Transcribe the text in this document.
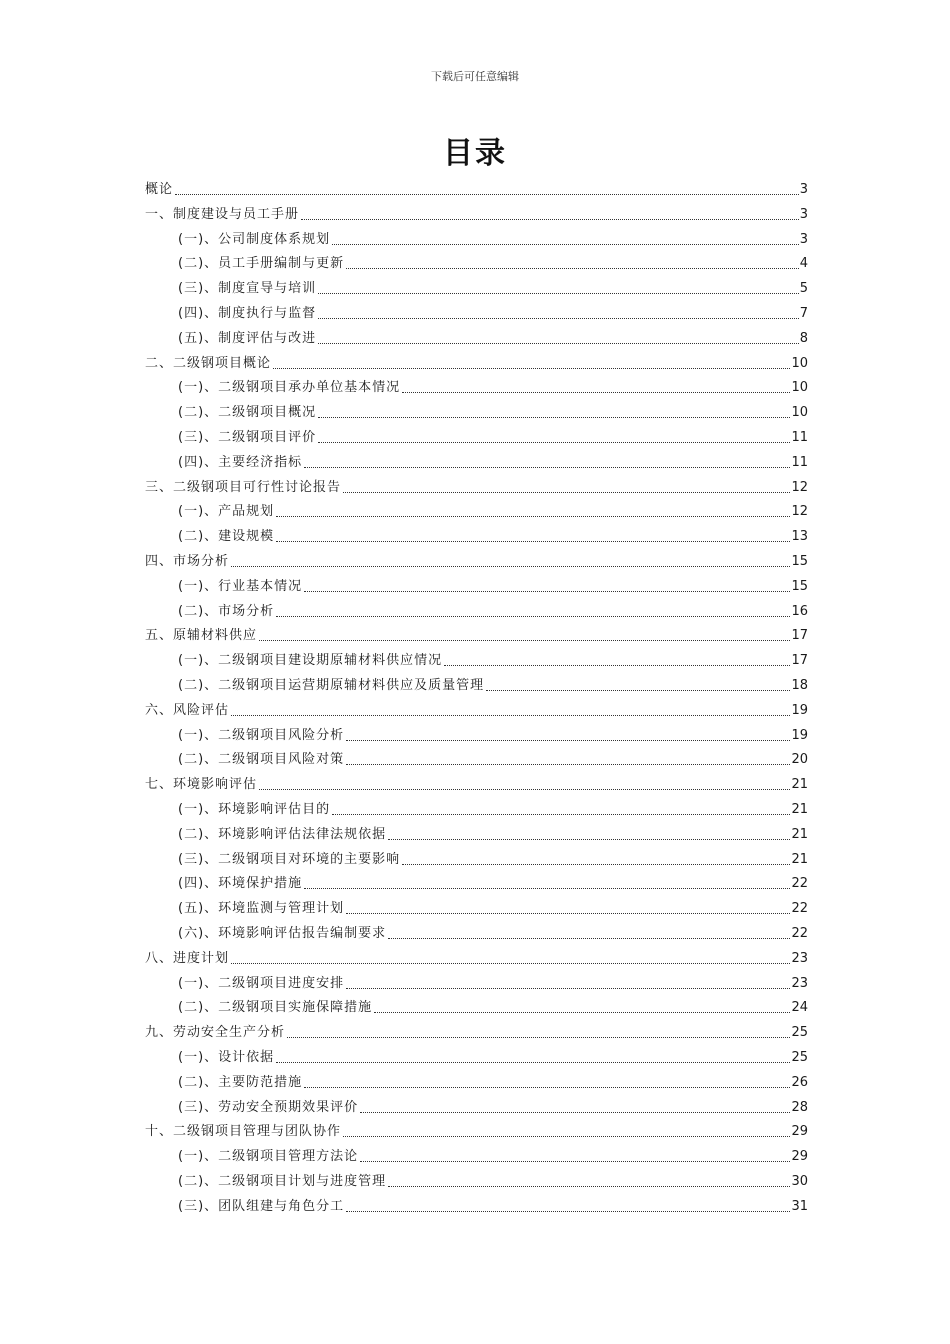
下载后可任意编辑
目录
概论	3
一、制度建设与员工手册	3
(一)、公司制度体系规划	3
(二)、员工手册编制与更新	4
(三)、制度宣导与培训	5
(四)、制度执行与监督	7
(五)、制度评估与改进	8
二、二级钢项目概论	10
(一)、二级钢项目承办单位基本情况	10
(二)、二级钢项目概况	10
(三)、二级钢项目评价	11
(四)、主要经济指标	11
三、二级钢项目可行性讨论报告	12
(一)、产品规划	12
(二)、建设规模	13
四、市场分析	15
(一)、行业基本情况	15
(二)、市场分析	16
五、原辅材料供应	17
(一)、二级钢项目建设期原辅材料供应情况	17
(二)、二级钢项目运营期原辅材料供应及质量管理	18
六、风险评估	19
(一)、二级钢项目风险分析	19
(二)、二级钢项目风险对策	20
七、环境影响评估	21
(一)、环境影响评估目的	21
(二)、环境影响评估法律法规依据	21
(三)、二级钢项目对环境的主要影响	21
(四)、环境保护措施	22
(五)、环境监测与管理计划	22
(六)、环境影响评估报告编制要求	22
八、进度计划	23
(一)、二级钢项目进度安排	23
(二)、二级钢项目实施保障措施	24
九、劳动安全生产分析	25
(一)、设计依据	25
(二)、主要防范措施	26
(三)、劳动安全预期效果评价	28
十、二级钢项目管理与团队协作	29
(一)、二级钢项目管理方法论	29
(二)、二级钢项目计划与进度管理	30
(三)、团队组建与角色分工	31
